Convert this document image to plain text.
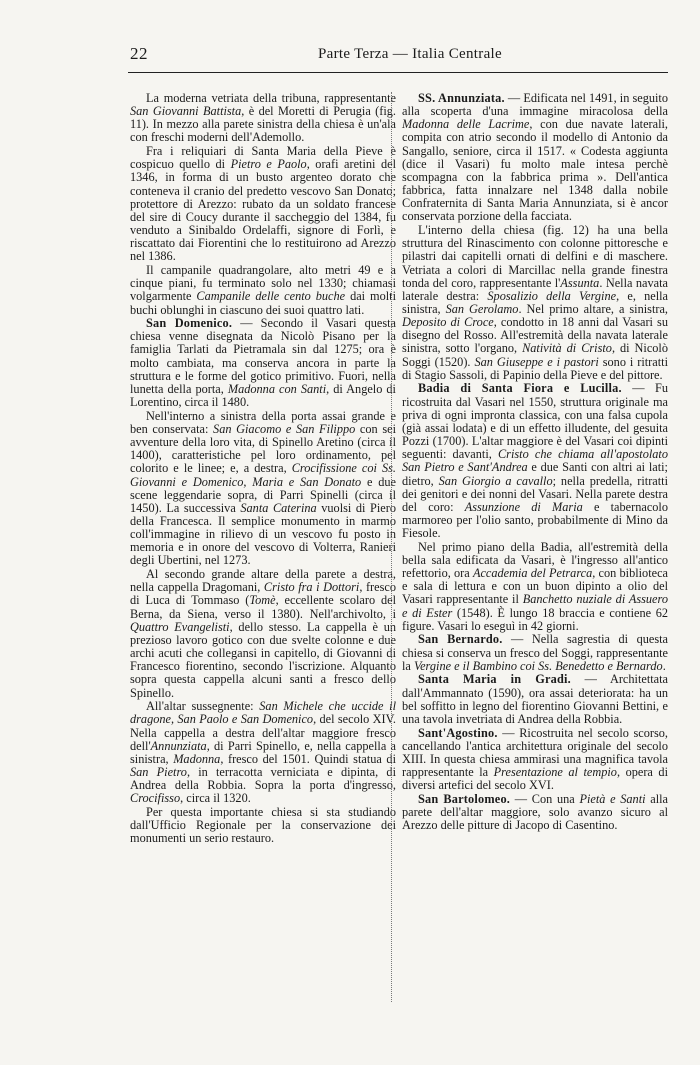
22	Parte Terza — Italia Centrale

La moderna vetriata della tribuna, rappresentante San Giovanni Battista, è del Moretti di Perugia (fig. 11). In mezzo alla parete sinistra della chiesa è un'ala con freschi moderni dell'Ademollo.

Fra i reliquiari di Santa Maria della Pieve è cospicuo quello di Pietro e Paolo, orafi aretini del 1346, in forma di un busto argenteo dorato che conteneva il cranio del predetto vescovo San Donato; protettore di Arezzo: rubato da un soldato francese del sire di Coucy durante il saccheggio del 1384, fu venduto a Sinibaldo Ordelaffi, signore di Forlì, e riscattato dai Fiorentini che lo restituirono ad Arezzo nel 1386.

Il campanile quadrangolare, alto metri 49 e a cinque piani, fu terminato solo nel 1330; chiamasi volgarmente Campanile delle cento buche dai molti buchi oblunghi in ciascuno dei suoi quattro lati.

San Domenico. — Secondo il Vasari questa chiesa venne disegnata da Nicolò Pisano per la famiglia Tarlati da Pietramala sin dal 1275; ora è molto cambiata, ma conserva ancora in parte la struttura e le forme del gotico primitivo. Fuori, nella lunetta della porta, Madonna con Santi, di Angelo di Lorentino, circa il 1480.

Nell'interno a sinistra della porta assai grande e ben conservata: San Giacomo e San Filippo con sei avventure della loro vita, di Spinello Aretino (circa il 1400), caratteristiche pel loro ordinamento, pel colorito e le linee; e, a destra, Crocifissione coi Ss. Giovanni e Domenico, Maria e San Donato e due scene leggendarie sopra, di Parri Spinelli (circa il 1450). La successiva Santa Caterina vuolsi di Piero della Francesca. Il semplice monumento in marmo coll'immagine in rilievo di un vescovo fu posto in memoria e in onore del vescovo di Volterra, Ranieri degli Ubertini, nel 1273.

Al secondo grande altare della parete a destra, nella cappella Dragomani, Cristo fra i Dottori, fresco di Luca di Tommaso (Tomè, eccellente scolaro del Berna, da Siena, verso il 1380). Nell'archivolto, i Quattro Evangelisti, dello stesso. La cappella è un prezioso lavoro gotico con due svelte colonne e due archi acuti che collegansi in capitello, di Giovanni di Francesco fiorentino, secondo l'iscrizione. Alquanto sopra questa cappella alcuni santi a fresco dello Spinello.

All'altar sussegnente: San Michele che uccide il dragone, San Paolo e San Domenico, del secolo XIV. Nella cappella a destra dell'altar maggiore fresco dell'Annunziata, di Parri Spinello, e, nella cappella a sinistra, Madonna, fresco del 1501. Quindi statua di San Pietro, in terracotta verniciata e dipinta, di Andrea della Robbia. Sopra la porta d'ingresso, Crocifisso, circa il 1320.

Per questa importante chiesa si sta studiando dall'Ufficio Regionale per la conservazione dei monumenti un serio restauro.

SS. Annunziata. — Edificata nel 1491, in seguito alla scoperta d'una immagine miracolosa della Madonna delle Lacrime, con due navate laterali, compita con atrio secondo il modello di Antonio da Sangallo, seniore, circa il 1517. « Codesta aggiunta (dice il Vasari) fu molto male intesa perchè scompagna con la fabbrica prima ». Dell'antica fabbrica, fatta innalzare nel 1348 dalla nobile Confraternita di Santa Maria Annunziata, si è ancor conservata porzione della facciata.

L'interno della chiesa (fig. 12) ha una bella struttura del Rinascimento con colonne pittoresche e pilastri dai capitelli ornati di delfini e di maschere. Vetriata a colori di Marcillac nella grande finestra tonda del coro, rappresentante l'Assunta. Nella navata laterale destra: Sposalizio della Vergine, e, nella sinistra, San Gerolamo. Nel primo altare, a sinistra, Deposito di Croce, condotto in 18 anni dal Vasari su disegno del Rosso. All'estremità della navata laterale sinistra, sotto l'organo, Natività di Cristo, di Nicolò Soggi (1520). San Giuseppe e i pastori sono i ritratti di Stagio Sassoli, di Papinio della Pieve e del pittore.

Badia di Santa Fiora e Lucilla. — Fu ricostruita dal Vasari nel 1550, struttura originale ma priva di ogni impronta classica, con una falsa cupola (già assai lodata) e di un effetto illudente, del gesuita Pozzi (1700). L'altar maggiore è del Vasari coi dipinti seguenti: davanti, Cristo che chiama all'apostolato San Pietro e Sant'Andrea e due Santi con altri ai lati; dietro, San Giorgio a cavallo; nella predella, ritratti dei genitori e dei nonni del Vasari. Nella parete destra del coro: Assunzione di Maria e tabernacolo marmoreo per l'olio santo, probabilmente di Mino da Fiesole.

Nel primo piano della Badia, all'estremità della bella sala edificata da Vasari, è l'ingresso all'antico refettorio, ora Accademia del Petrarca, con biblioteca e sala di lettura e con un buon dipinto a olio del Vasari rappresentante il Banchetto nuziale di Assuero e di Ester (1548). È lungo 18 braccia e contiene 62 figure. Vasari lo eseguì in 42 giorni.

San Bernardo. — Nella sagrestia di questa chiesa si conserva un fresco del Soggi, rappresentante la Vergine e il Bambino coi Ss. Benedetto e Bernardo.

Santa Maria in Gradi. — Architettata dall'Ammannato (1590), ora assai deteriorata: ha un bel soffitto in legno del fiorentino Giovanni Bettini, e una tavola invetriata di Andrea della Robbia.

Sant'Agostino. — Ricostruita nel secolo scorso, cancellando l'antica architettura originale del secolo XIII. In questa chiesa ammirasi una magnifica tavola rappresentante la Presentazione al tempio, opera di diversi artefici del secolo XVI.

San Bartolomeo. — Con una Pietà e Santi alla parete dell'altar maggiore, solo avanzo sicuro al Arezzo delle pitture di Jacopo di Casentino.
